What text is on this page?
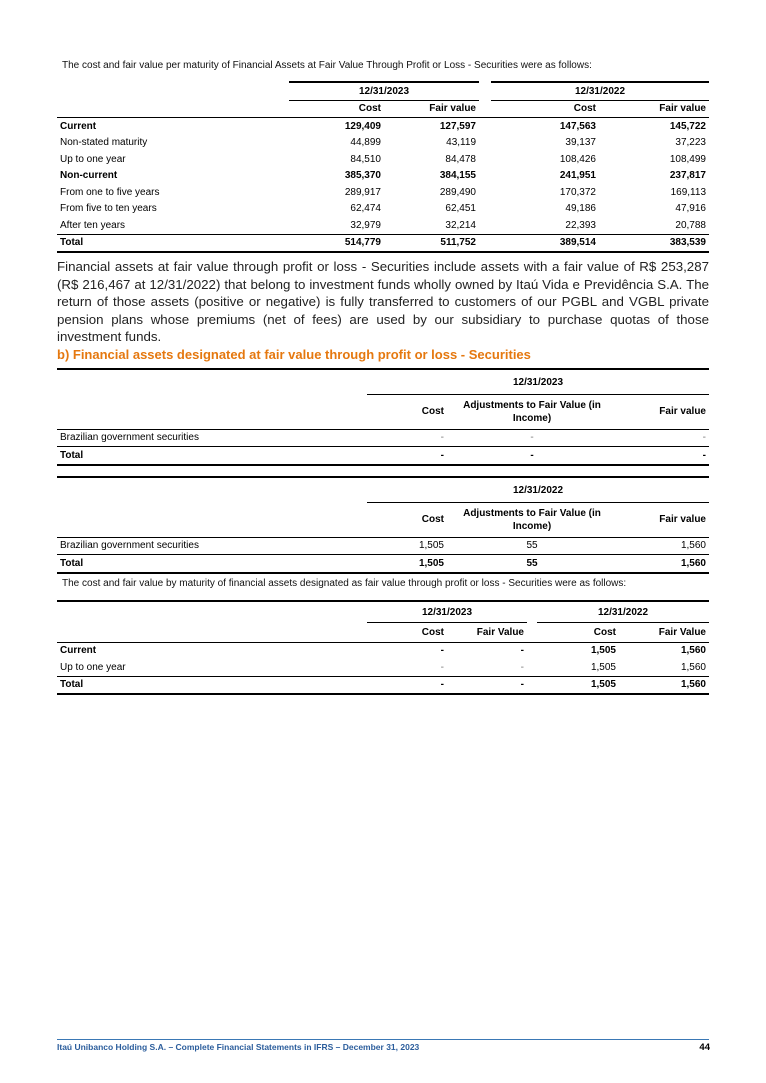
The cost and fair value per maturity of Financial Assets at Fair Value Through Profit or Loss - Securities were as follows:
	12/31/2023			12/31/2022	
	Cost	Fair value		Cost	Fair value
Current	129,409	127,597		147,563	145,722
Non-stated maturity	44,899	43,119		39,137	37,223
Up to one year	84,510	84,478		108,426	108,499
Non-current	385,370	384,155		241,951	237,817
From one to five years	289,917	289,490		170,372	169,113
From five to ten years	62,474	62,451		49,186	47,916
After ten years	32,979	32,214		22,393	20,788
Total	514,779	511,752		389,514	383,539
Financial assets at fair value through profit or loss - Securities include assets with a fair value of R$ 253,287 (R$ 216,467 at 12/31/2022) that belong to investment funds wholly owned by Itaú Vida e Previdência S.A. The return of those assets (positive or negative) is fully transferred to customers of our PGBL and VGBL private pension plans whose premiums (net of fees) are used by our subsidiary to purchase quotas of those investment funds.
b) Financial assets designated at fair value through profit or loss - Securities
	12/31/2023		
	Cost	Adjustments to Fair Value (in Income)	Fair value
Brazilian government securities	-	-	-
Total	-	-	-
	12/31/2022		
	Cost	Adjustments to Fair Value (in Income)	Fair value
Brazilian government securities	1,505	55	1,560
Total	1,505	55	1,560
The cost and fair value by maturity of financial assets designated as fair value through profit or loss - Securities were as follows:
	12/31/2023			12/31/2022	
	Cost	Fair Value		Cost	Fair Value
Current	-	-		1,505	1,560
Up to one year	-	-		1,505	1,560
Total	-	-		1,505	1,560
Itaú Unibanco Holding S.A. – Complete Financial Statements in IFRS – December 31, 2023	44
